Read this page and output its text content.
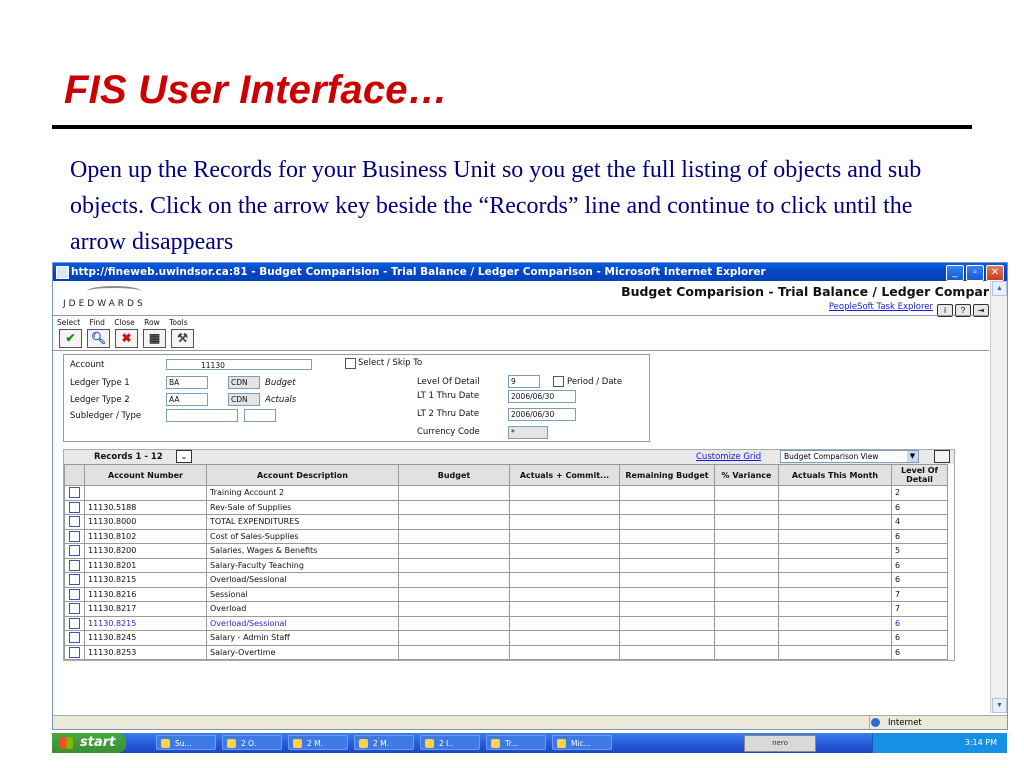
FIS User Interface…
Open up the Records for your Business Unit so you get the full listing of objects and sub objects. Click on the arrow key beside the “Records” line and continue to click until the arrow disappears
http://fineweb.uwindsor.ca:81 - Budget Comparision - Trial Balance / Ledger Comparison - Microsoft Internet Explorer	_	▫	✕
JDEDWARDS
Budget Comparision - Trial Balance / Ledger Compar
PeopleSoft Task Explorer	i ? ⇥
Select Find Close Row Tools
✔	🔍︎	✖	▦	⚒
Account	11130	Select / Skip To
Ledger Type 1	BA	CDN	Budget
Ledger Type 2	AA	CDN	Actuals
Subledger / Type
Level Of Detail	9	Period / Date
LT 1 Thru Date	2006/06/30
LT 2 Thru Date	2006/06/30
Currency Code	*
Records 1 - 12	⌄	Customize Grid	Budget Comparison View	▼
	Account Number	Account Description	Budget	Actuals + Commit...	Remaining Budget	% Variance	Actuals This Month	Level Of Detail
		Training Account 2						2
	11130.5188	Rev-Sale of Supplies						6
	11130.8000	TOTAL EXPENDITURES						4
	11130.8102	Cost of Sales-Supplies						6
	11130.8200	Salaries, Wages & Benefits						5
	11130.8201	Salary-Faculty Teaching						6
	11130.8215	Overload/Sessional						6
	11130.8216	Sessional						7
	11130.8217	Overload						7
	11130.8215	Overload/Sessional						6
	11130.8245	Salary - Admin Staff						6
	11130.8253	Salary-Overtime						6
▲
▼
Internet
start	Su...	2 O.	2 M.	2 M.	2 I..	Tr...	Mic...	nero	3:14 PM
